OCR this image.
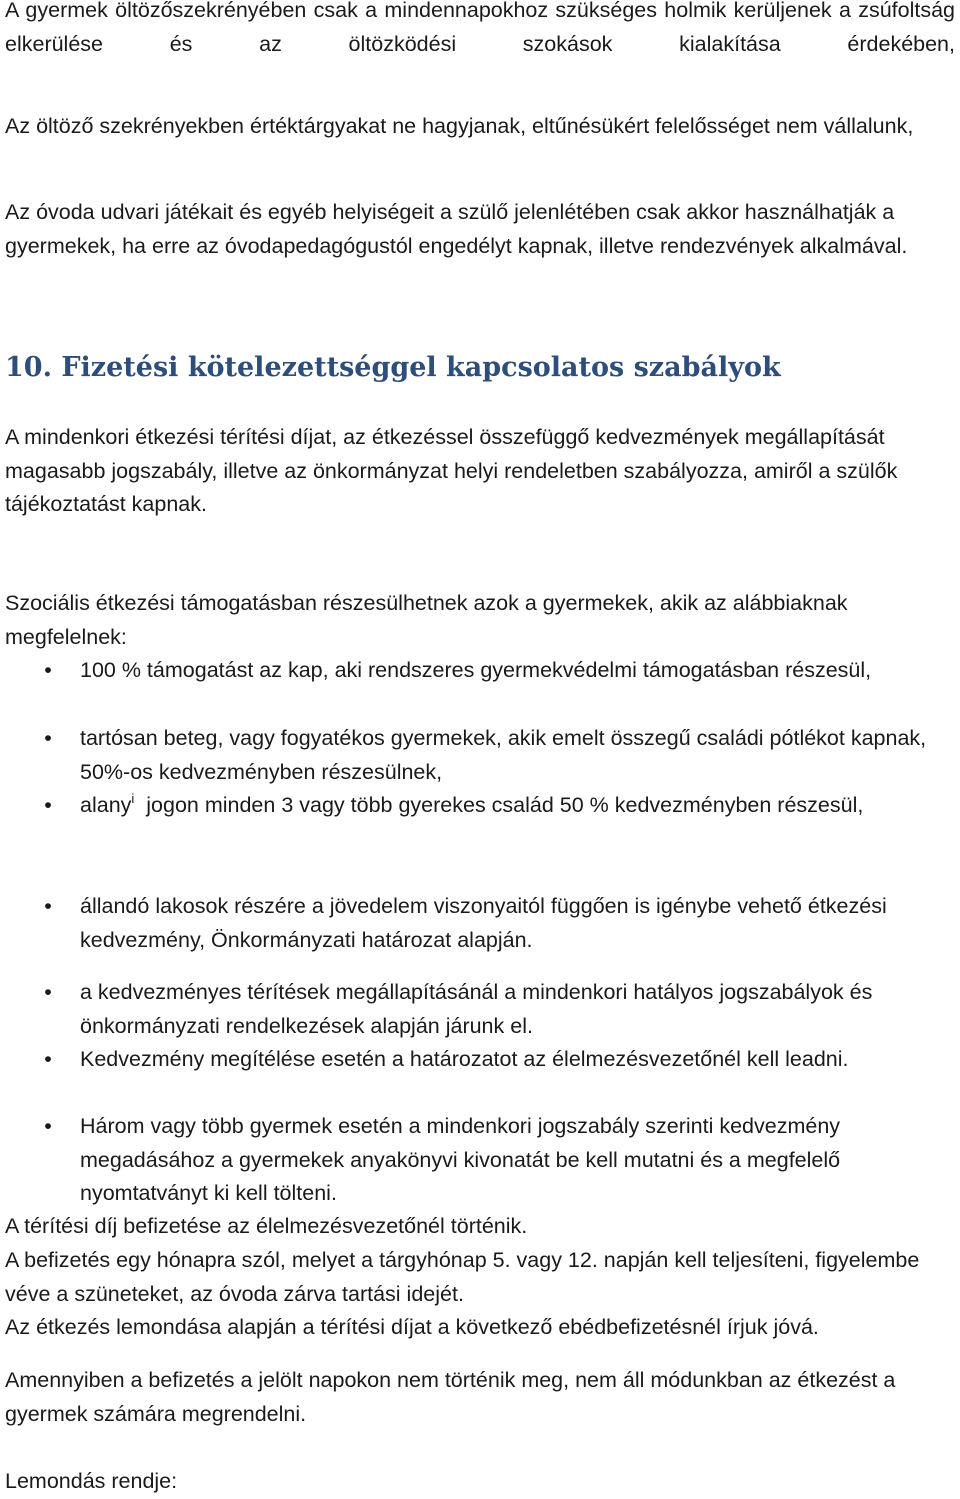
A gyermek öltözőszekrényében csak a mindennapokhoz szükséges holmik kerüljenek a zsúfoltság elkerülése és az öltözködési szokások kialakítása érdekében,

Az öltöző szekrényekben értéktárgyakat ne hagyjanak, eltűnésükért felelősséget nem vállalunk,

Az óvoda udvari játékait és egyéb helyiségeit a szülő jelenlétében csak akkor használhatják a gyermekek, ha erre az óvodapedagógustól engedélyt kapnak, illetve rendezvények alkalmával.

10. Fizetési kötelezettséggel kapcsolatos szabályok

A mindenkori étkezési térítési díjat, az étkezéssel összefüggő kedvezmények megállapítását magasabb jogszabály, illetve az önkormányzat helyi rendeletben szabályozza, amiről a szülők tájékoztatást kapnak.

Szociális étkezési támogatásban részesülhetnek azok a gyermekek, akik az alábbiaknak megfelelnek:

• 100 % támogatást az kap, aki rendszeres gyermekvédelmi támogatásban részesül,
• tartósan beteg, vagy fogyatékos gyermekek, akik emelt összegű családi pótlékot kapnak, 50%-os kedvezményben részesülnek,
• alany$^i$ jogon minden 3 vagy több gyerekes család 50 % kedvezményben részesül,
• állandó lakosok részére a jövedelem viszonyaitól függően is igénybe vehető étkezési kedvezmény, Önkormányzati határozat alapján.
• a kedvezményes térítések megállapításánál a mindenkori hatályos jogszabályok és önkormányzati rendelkezések alapján járunk el.
• Kedvezmény megítélése esetén a határozatot az élelmezésvezetőnél kell leadni.
• Három vagy több gyermek esetén a mindenkori jogszabály szerinti kedvezmény megadásához a gyermekek anyakönyvi kivonatát be kell mutatni és a megfelelő nyomtatványt ki kell tölteni.

A térítési díj befizetése az élelmezésvezetőnél történik.

A befizetés egy hónapra szól, melyet a tárgyhónap 5. vagy 12. napján kell teljesíteni, figyelembe véve a szüneteket, az óvoda zárva tartási idejét.

Az étkezés lemondása alapján a térítési díjat a következő ebédbefizetésnél írjuk jóvá.

Amennyiben a befizetés a jelölt napokon nem történik meg, nem áll módunkban az étkezést a gyermek számára megrendelni.

Lemondás rendje:
